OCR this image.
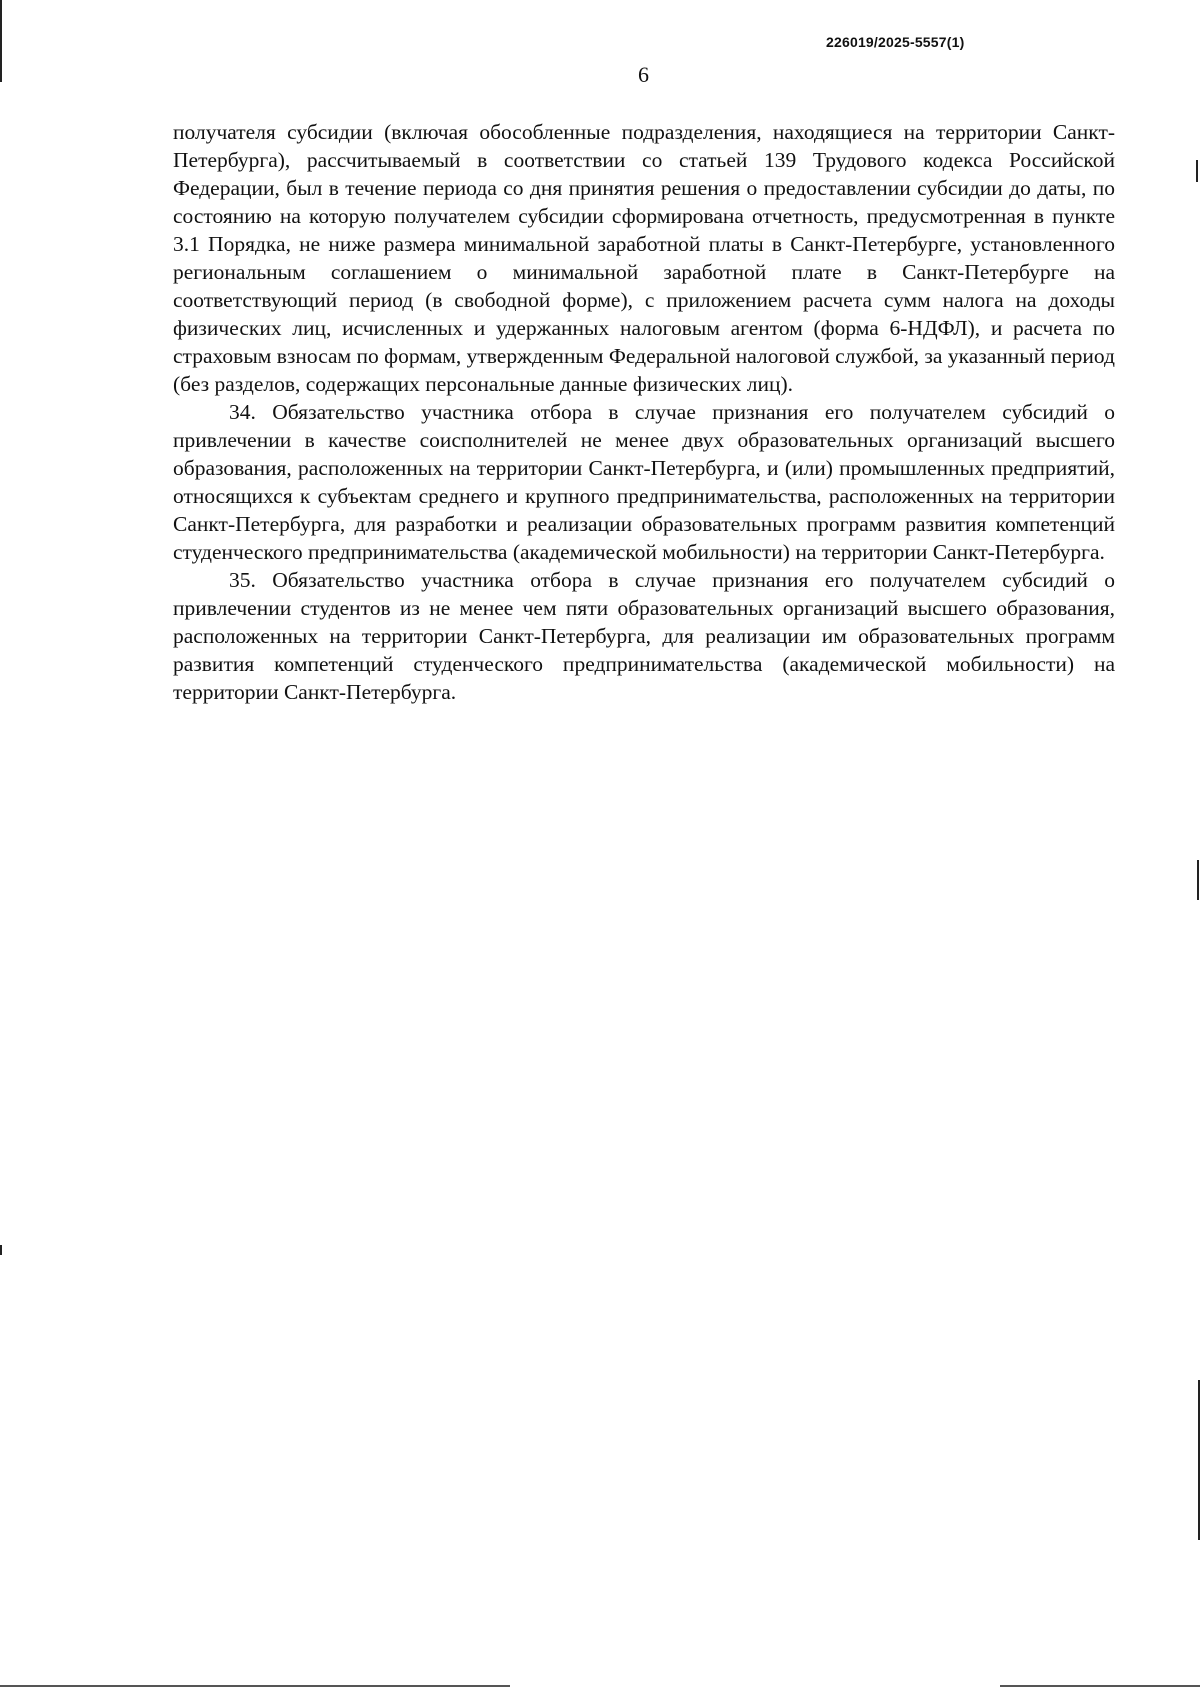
226019/2025-5557(1)
6

получателя субсидии (включая обособленные подразделения, находящиеся на территории Санкт-Петербурга), рассчитываемый в соответствии со статьей 139 Трудового кодекса Российской Федерации, был в течение периода со дня принятия решения о предоставлении субсидии до даты, по состоянию на которую получателем субсидии сформирована отчетность, предусмотренная в пункте 3.1 Порядка, не ниже размера минимальной заработной платы в Санкт-Петербурге, установленного региональным соглашением о минимальной заработной плате в Санкт-Петербурге на соответствующий период (в свободной форме), с приложением расчета сумм налога на доходы физических лиц, исчисленных и удержанных налоговым агентом (форма 6-НДФЛ), и расчета по страховым взносам по формам, утвержденным Федеральной налоговой службой, за указанный период (без разделов, содержащих персональные данные физических лиц).

34. Обязательство участника отбора в случае признания его получателем субсидий о привлечении в качестве соисполнителей не менее двух образовательных организаций высшего образования, расположенных на территории Санкт-Петербурга, и (или) промышленных предприятий, относящихся к субъектам среднего и крупного предпринимательства, расположенных на территории Санкт-Петербурга, для разработки и реализации образовательных программ развития компетенций студенческого предпринимательства (академической мобильности) на территории Санкт-Петербурга.

35. Обязательство участника отбора в случае признания его получателем субсидий о привлечении студентов из не менее чем пяти образовательных организаций высшего образования, расположенных на территории Санкт-Петербурга, для реализации им образовательных программ развития компетенций студенческого предпринимательства (академической мобильности) на территории Санкт-Петербурга.
